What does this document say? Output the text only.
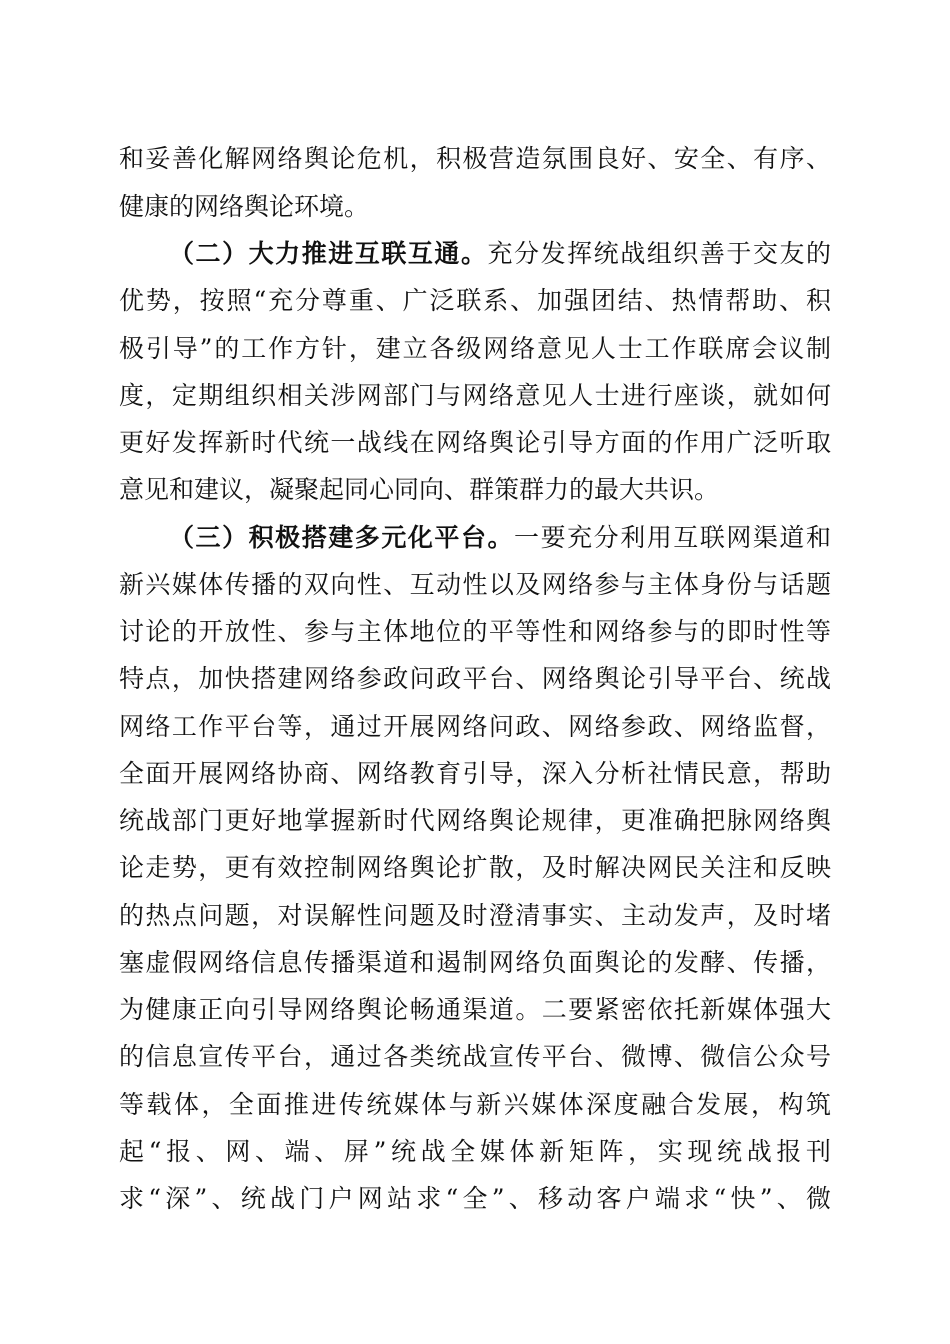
和妥善化解网络舆论危机，积极营造氛围良好、安全、有序、
健康的网络舆论环境。
（二）大力推进互联互通。充分发挥统战组织善于交友的
优势，按照“充分尊重、广泛联系、加强团结、热情帮助、积
极引导”的工作方针，建立各级网络意见人士工作联席会议制
度，定期组织相关涉网部门与网络意见人士进行座谈，就如何
更好发挥新时代统一战线在网络舆论引导方面的作用广泛听取
意见和建议，凝聚起同心同向、群策群力的最大共识。
（三）积极搭建多元化平台。一要充分利用互联网渠道和
新兴媒体传播的双向性、互动性以及网络参与主体身份与话题
讨论的开放性、参与主体地位的平等性和网络参与的即时性等
特点，加快搭建网络参政问政平台、网络舆论引导平台、统战
网络工作平台等，通过开展网络问政、网络参政、网络监督，
全面开展网络协商、网络教育引导，深入分析社情民意，帮助
统战部门更好地掌握新时代网络舆论规律，更准确把脉网络舆
论走势，更有效控制网络舆论扩散，及时解决网民关注和反映
的热点问题，对误解性问题及时澄清事实、主动发声，及时堵
塞虚假网络信息传播渠道和遏制网络负面舆论的发酵、传播，
为健康正向引导网络舆论畅通渠道。二要紧密依托新媒体强大
的信息宣传平台，通过各类统战宣传平台、微博、微信公众号
等载体，全面推进传统媒体与新兴媒体深度融合发展，构筑
起“报、网、端、屏”统战全媒体新矩阵，实现统战报刊
求“深”、统战门户网站求“全”、移动客户端求“快”、微
